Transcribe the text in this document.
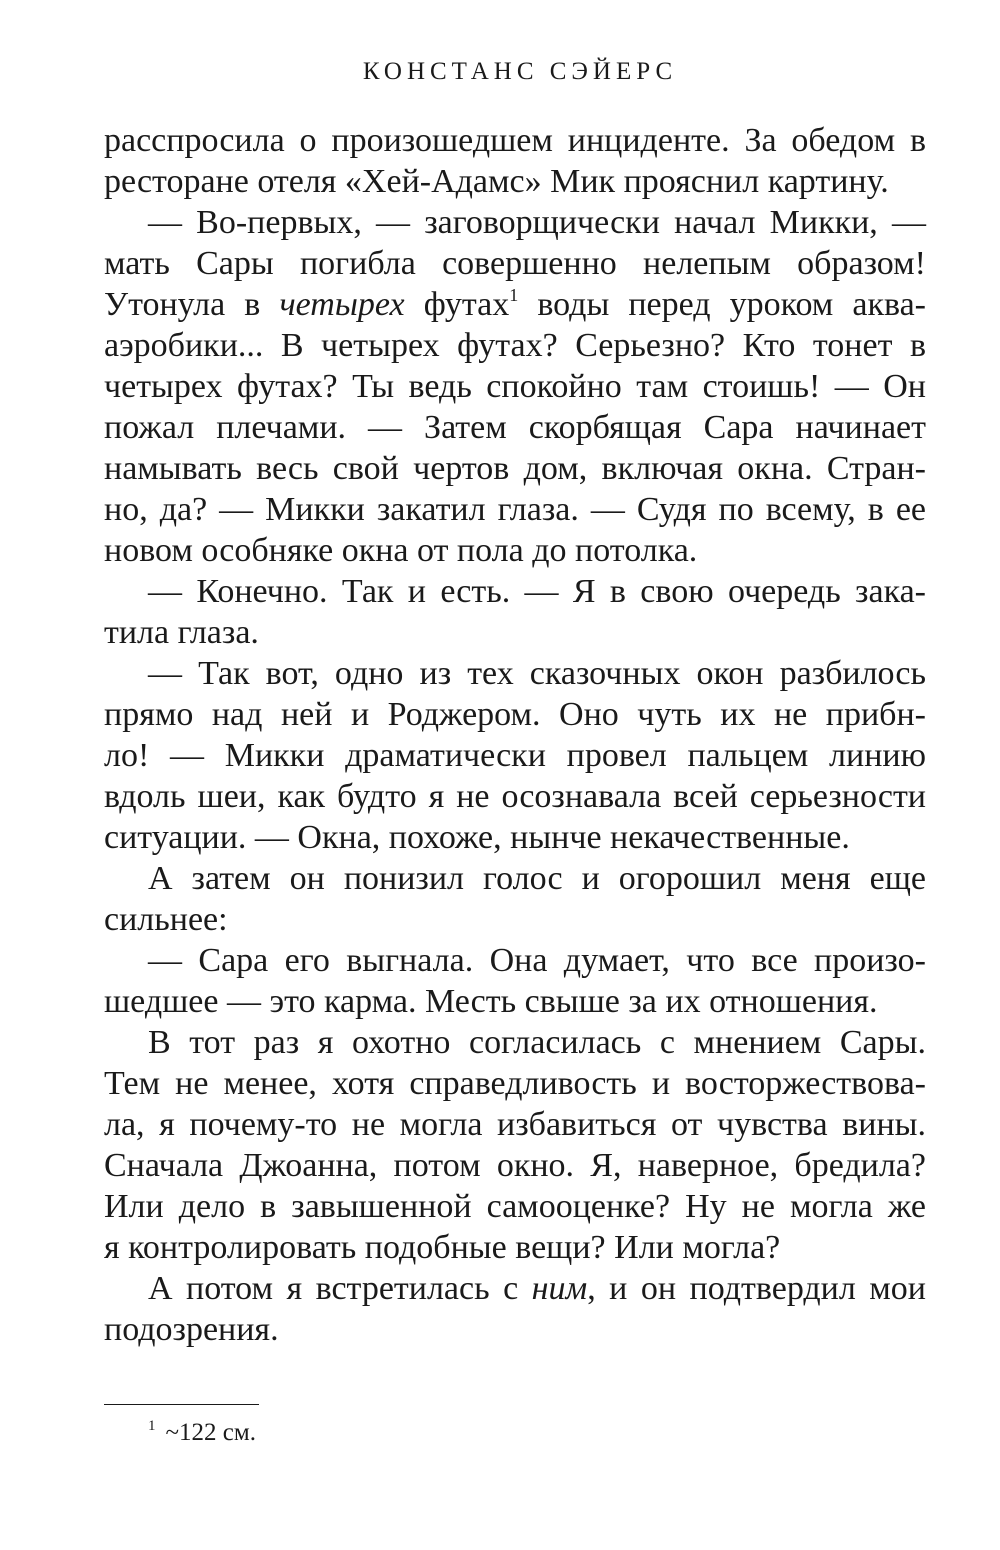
КОНСТАНС СЭЙЕРС
расспросила о произошедшем инциденте. За обедом в
ресторане отеля «Хей-Адамс» Мик прояснил картину.
— Во-первых, — заговорщически начал Микки, —
мать Сары погибла совершенно нелепым образом!
Утонула в четырех футах$^1$ воды перед уроком аква-
аэробики... В четырех футах? Серьезно? Кто тонет в
четырех футах? Ты ведь спокойно там стоишь! — Он
пожал плечами. — Затем скорбящая Сара начинает
намывать весь свой чертов дом, включая окна. Стран-
но, да? — Микки закатил глаза. — Судя по всему, в ее
новом особняке окна от пола до потолка.
— Конечно. Так и есть. — Я в свою очередь зака-
тила глаза.
— Так вот, одно из тех сказочных окон разбилось
прямо над ней и Роджером. Оно чуть их не прибн-
ло! — Микки драматически провел пальцем линию
вдоль шеи, как будто я не осознавала всей серьезности
ситуации. — Окна, похоже, нынче некачественные.
А затем он понизил голос и огорошил меня еще
сильнее:
— Сара его выгнала. Она думает, что все произо-
шедшее — это карма. Месть свыше за их отношения.
В тот раз я охотно согласилась с мнением Сары.
Тем не менее, хотя справедливость и восторжествова-
ла, я почему-то не могла избавиться от чувства вины.
Сначала Джоанна, потом окно. Я, наверное, бредила?
Или дело в завышенной самооценке? Ну не могла же
я контролировать подобные вещи? Или могла?
А потом я встретилась с ним, и он подтвердил мои
подозрения.
$^1$ ~122 см.
